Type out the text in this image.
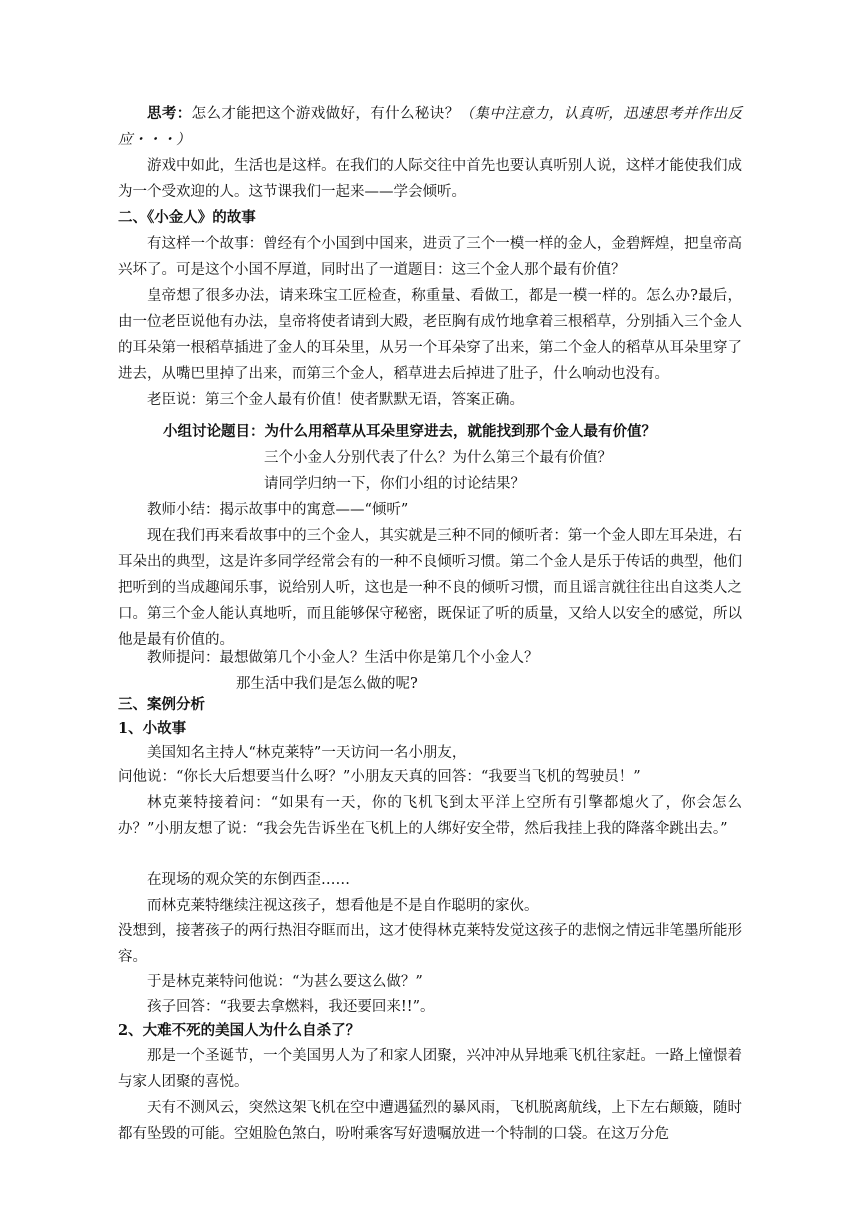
思考：怎么才能把这个游戏做好，有什么秘诀？（集中注意力，认真听，迅速思考并作出反应・・・）

游戏中如此，生活也是这样。在我们的人际交往中首先也要认真听别人说，这样才能使我们成为一个受欢迎的人。这节课我们一起来——学会倾听。

二、《小金人》的故事

有这样一个故事：曾经有个小国到中国来，进贡了三个一模一样的金人，金碧辉煌，把皇帝高兴坏了。可是这个小国不厚道，同时出了一道题目：这三个金人那个最有价值？

皇帝想了很多办法，请来珠宝工匠检查，称重量、看做工，都是一模一样的。怎么办?最后，由一位老臣说他有办法，皇帝将使者请到大殿，老臣胸有成竹地拿着三根稻草，分别插入三个金人的耳朵第一根稻草插进了金人的耳朵里，从另一个耳朵穿了出来，第二个金人的稻草从耳朵里穿了进去，从嘴巴里掉了出来，而第三个金人，稻草进去后掉进了肚子，什么响动也没有。

老臣说：第三个金人最有价值！使者默默无语，答案正确。

小组讨论题目：为什么用稻草从耳朵里穿进去，就能找到那个金人最有价值？

三个小金人分别代表了什么？为什么第三个最有价值？

请同学归纳一下，你们小组的讨论结果？

教师小结：揭示故事中的寓意——“倾听”

现在我们再来看故事中的三个金人，其实就是三种不同的倾听者：第一个金人即左耳朵进，右耳朵出的典型，这是许多同学经常会有的一种不良倾听习惯。第二个金人是乐于传话的典型，他们把听到的当成趣闻乐事，说给别人听，这也是一种不良的倾听习惯，而且谣言就往往出自这类人之口。第三个金人能认真地听，而且能够保守秘密，既保证了听的质量，又给人以安全的感觉，所以他是最有价值的。

教师提问：最想做第几个小金人？生活中你是第几个小金人？

那生活中我们是怎么做的呢?

三、案例分析

1、小故事

美国知名主持人“林克莱特”一天访问一名小朋友，

问他说：“你长大后想要当什么呀？”小朋友天真的回答：“我要当飞机的驾驶员！”

林克莱特接着问：“如果有一天，你的飞机飞到太平洋上空所有引擎都熄火了，你会怎么办？”小朋友想了说：“我会先告诉坐在飞机上的人绑好安全带，然后我挂上我的降落伞跳出去。”

在现场的观众笑的东倒西歪……

而林克莱特继续注视这孩子，想看他是不是自作聪明的家伙。

没想到，接著孩子的两行热泪夺眶而出，这才使得林克莱特发觉这孩子的悲悯之情远非笔墨所能形容。

于是林克莱特问他说：“为甚么要这么做？”

孩子回答：“我要去拿燃料，我还要回来!!”。

2、大难不死的美国人为什么自杀了？

那是一个圣诞节，一个美国男人为了和家人团聚，兴冲冲从异地乘飞机往家赶。一路上憧憬着与家人团聚的喜悦。

天有不测风云，突然这架飞机在空中遭遇猛烈的暴风雨，飞机脱离航线，上下左右颠簸，随时都有坠毁的可能。空姐脸色煞白，吩咐乘客写好遗嘱放进一个特制的口袋。在这万分危
